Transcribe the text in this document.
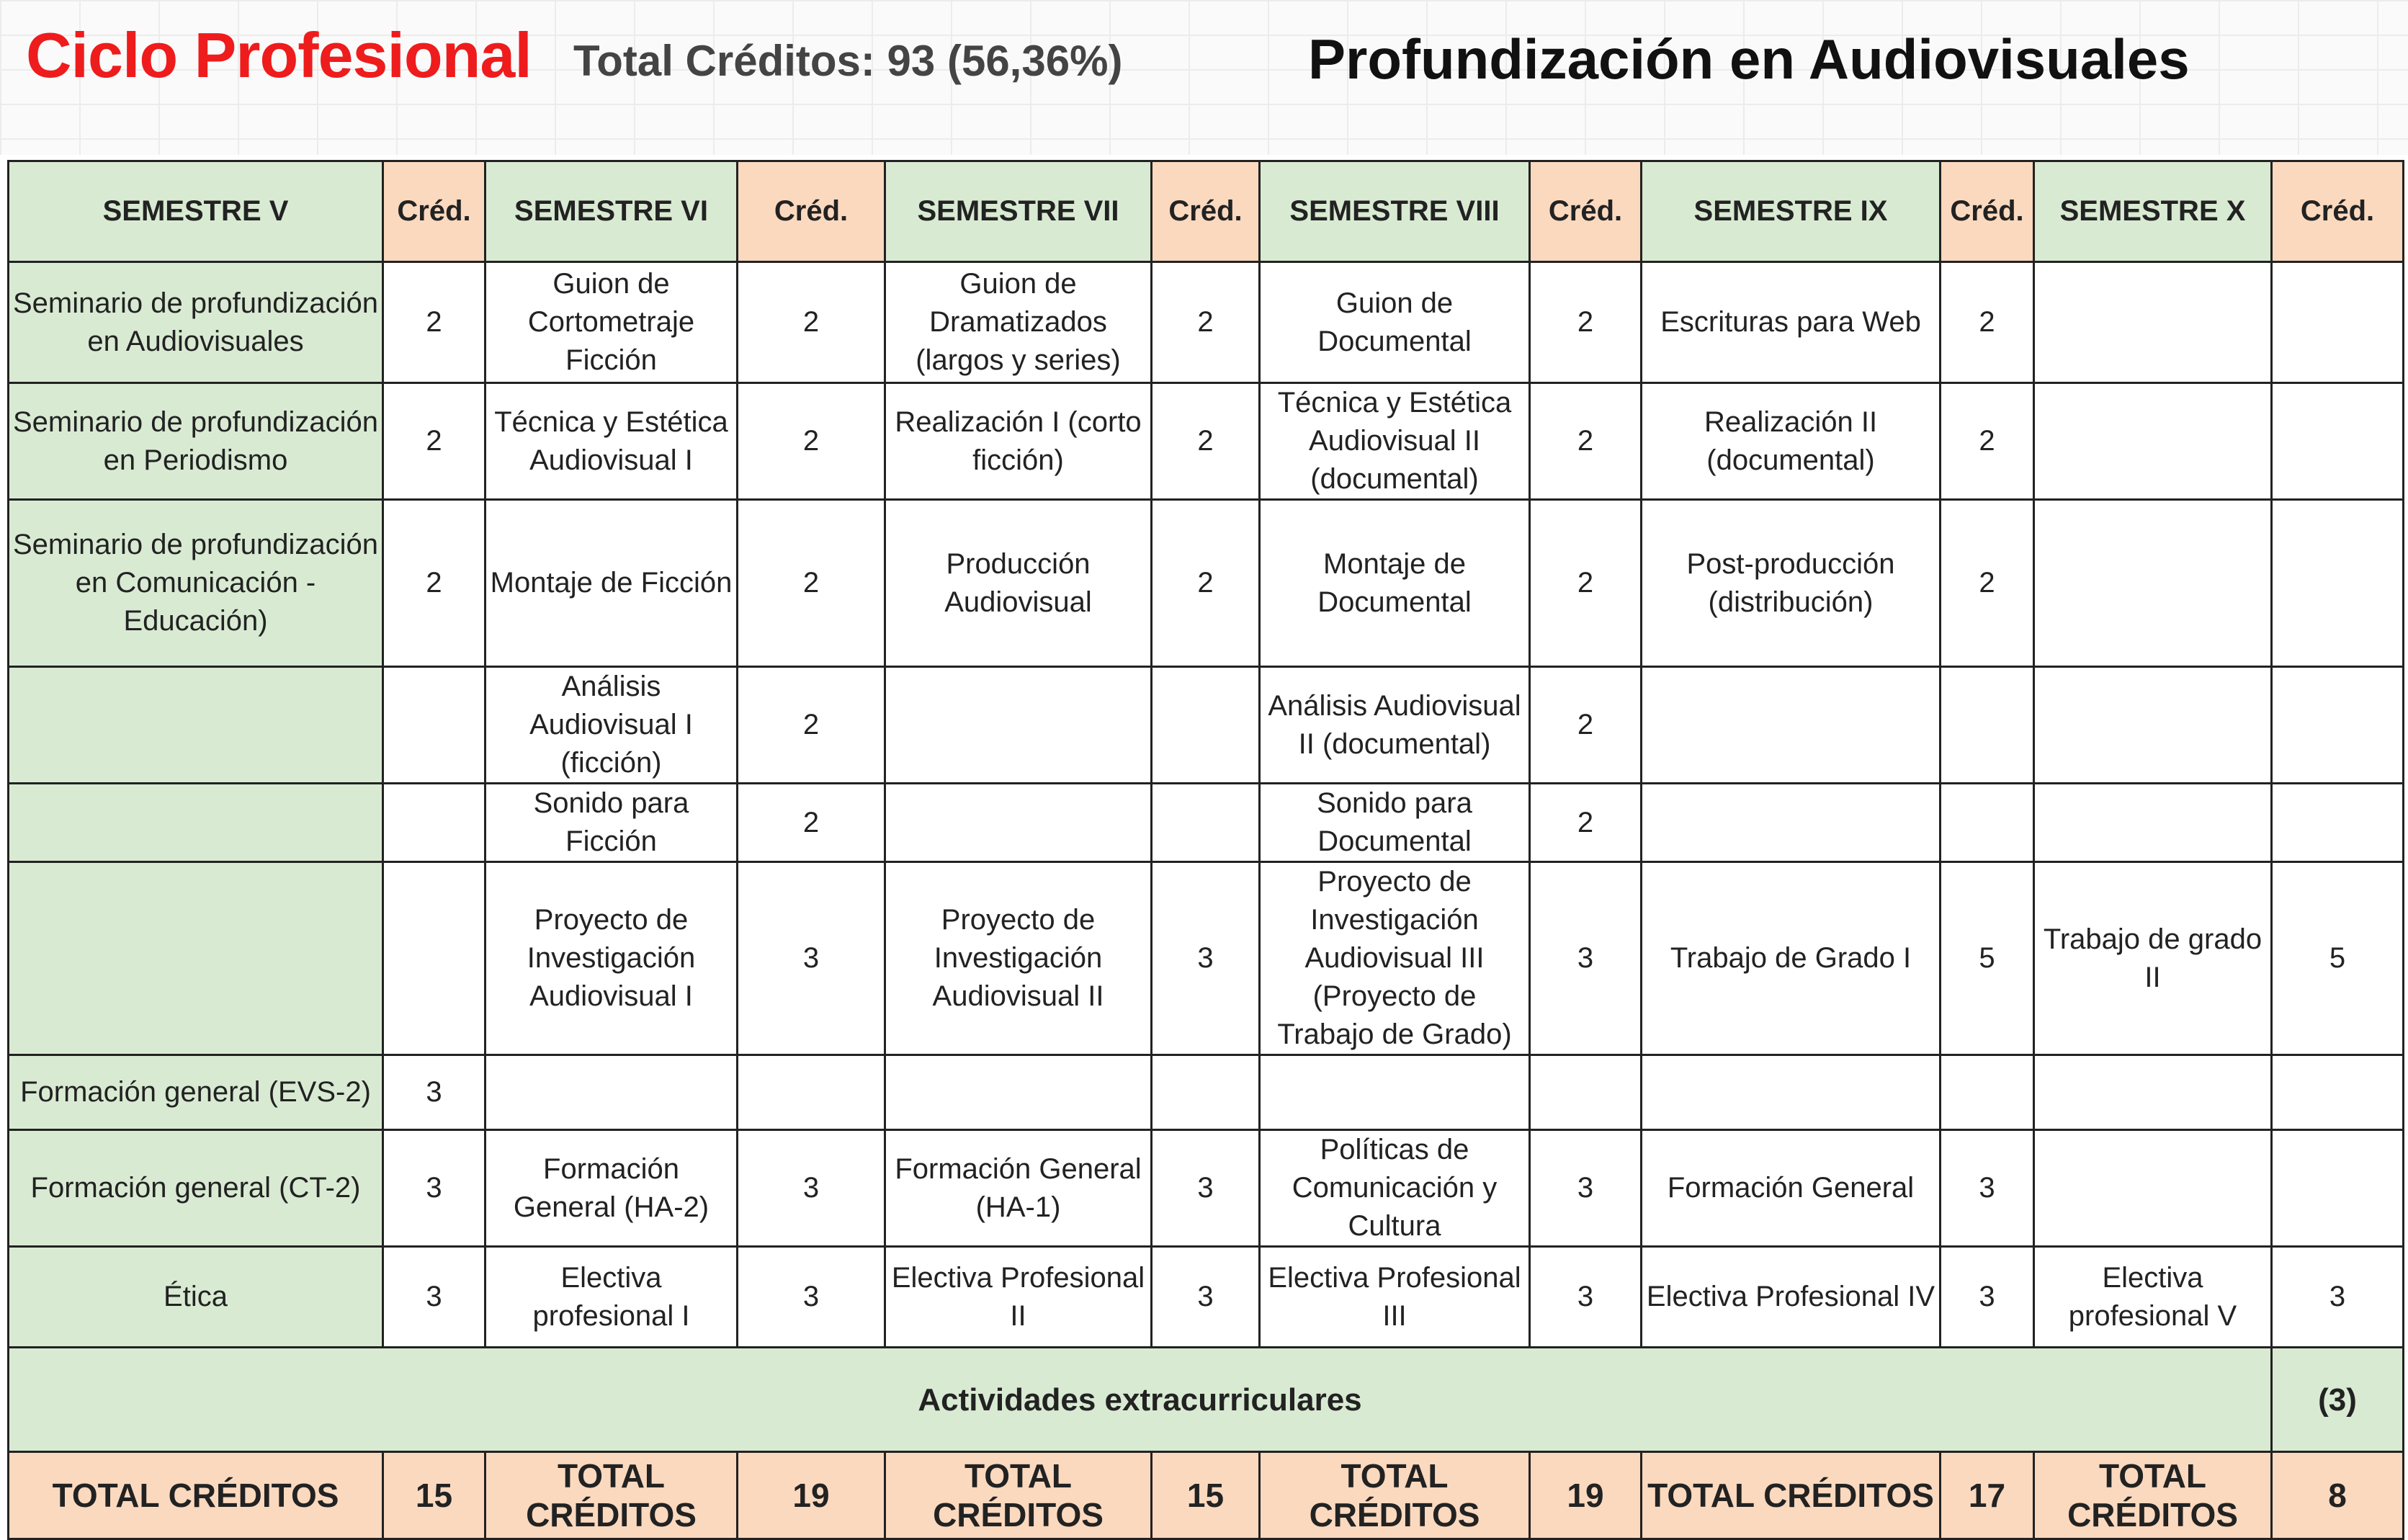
Ciclo Profesional Total Créditos: 93 (56,36%)	Profundización en Audiovisuales
SEMESTRE V	Créd.	SEMESTRE VI	Créd.	SEMESTRE VII	Créd.	SEMESTRE VIII	Créd.	SEMESTRE IX	Créd.	SEMESTRE X	Créd.
Seminario de profundización en Audiovisuales	2	Guion de Cortometraje Ficción	2	Guion de Dramatizados (largos y series)	2	Guion de Documental	2	Escrituras para Web	2		
Seminario de profundización en Periodismo	2	Técnica y Estética Audiovisual I	2	Realización I (corto ficción)	2	Técnica y Estética Audiovisual II (documental)	2	Realización II (documental)	2		
Seminario de profundización en Comunicación - Educación)	2	Montaje de Ficción	2	Producción Audiovisual	2	Montaje de Documental	2	Post-producción (distribución)	2		
		Análisis Audiovisual I (ficción)	2			Análisis Audiovisual II (documental)	2				
		Sonido para Ficción	2			Sonido para Documental	2				
		Proyecto de Investigación Audiovisual I	3	Proyecto de Investigación Audiovisual II	3	Proyecto de Investigación Audiovisual III (Proyecto de Trabajo de Grado)	3	Trabajo de Grado I	5	Trabajo de grado II	5
Formación general (EVS-2)	3										
Formación general (CT-2)	3	Formación General (HA-2)	3	Formación General (HA-1)	3	Políticas de Comunicación y Cultura	3	Formación General	3		
Ética	3	Electiva profesional I	3	Electiva Profesional II	3	Electiva Profesional III	3	Electiva Profesional IV	3	Electiva profesional V	3
Actividades extracurriculares											(3)
TOTAL CRÉDITOS	15	TOTAL CRÉDITOS	19	TOTAL CRÉDITOS	15	TOTAL CRÉDITOS	19	TOTAL CRÉDITOS	17	TOTAL CRÉDITOS	8
